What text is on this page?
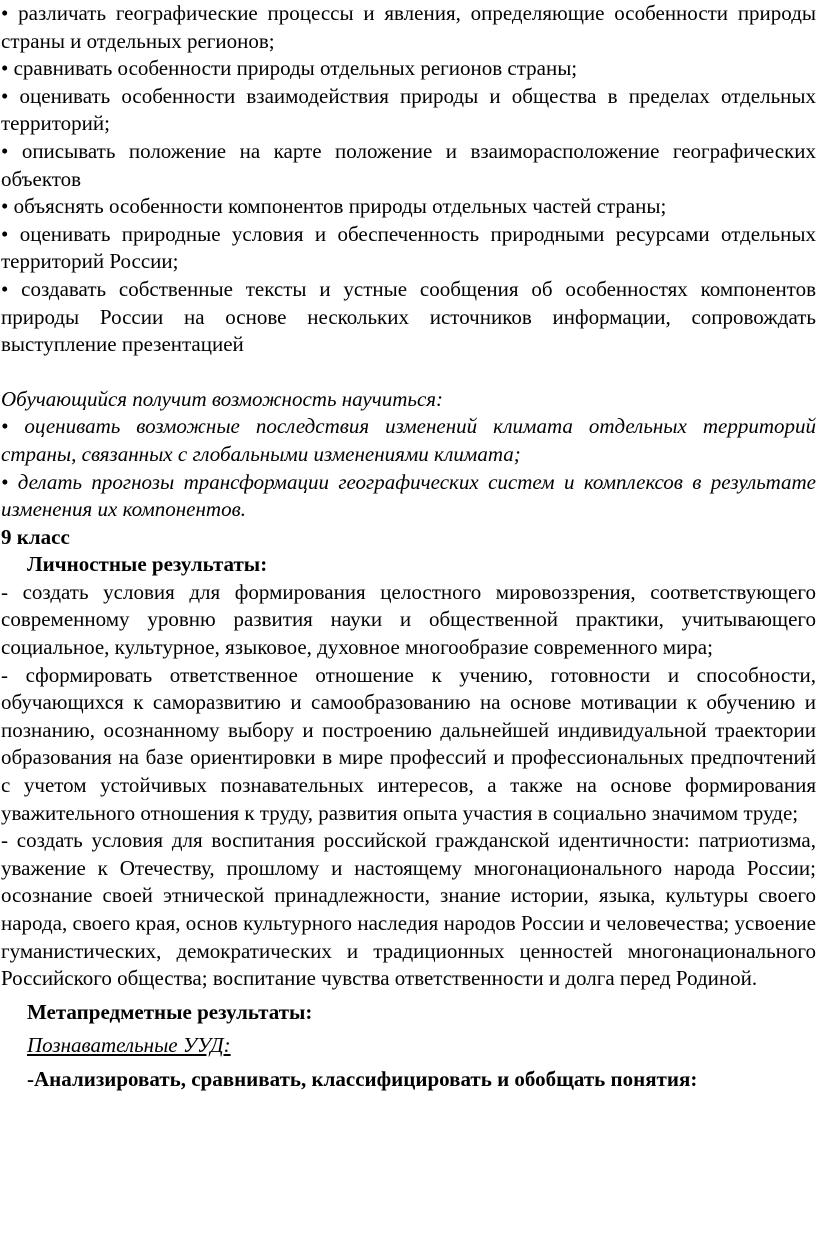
• различать географические процессы и явления, определяющие особенности природы страны и отдельных регионов;

• сравнивать особенности природы отдельных регионов страны;

• оценивать особенности взаимодействия природы и общества в пределах отдельных территорий;

• описывать положение на карте положение и взаиморасположение географических объектов

• объяснять особенности компонентов природы отдельных частей страны;

• оценивать природные условия и обеспеченность природными ресурсами отдельных территорий России;

• создавать собственные тексты и устные сообщения об особенностях компонентов природы России на основе нескольких источников информации, сопровождать выступление презентацией

Обучающийся получит возможность научиться:

• оценивать возможные последствия изменений климата отдельных территорий страны, связанных с глобальными изменениями климата;

• делать прогнозы трансформации географических систем и комплексов в результате изменения их компонентов.

9 класс

Личностные результаты:

- создать условия для формирования целостного мировоззрения, соответствующего современному уровню развития науки и общественной практики, учитывающего социальное, культурное, языковое, духовное многообразие современного мира;

- сформировать ответственное отношение к учению, готовности и способности, обучающихся к саморазвитию и самообразованию на основе мотивации к обучению и познанию, осознанному выбору и построению дальнейшей индивидуальной траектории образования на базе ориентировки в мире профессий и профессиональных предпочтений с учетом устойчивых познавательных интересов, а также на основе формирования уважительного отношения к труду, развития опыта участия в социально значимом труде;

- создать условия для воспитания российской гражданской идентичности: патриотизма, уважение к Отечеству, прошлому и настоящему многонационального народа России; осознание своей этнической принадлежности, знание истории, языка, культуры своего народа, своего края, основ культурного наследия народов России и человечества; усвоение гуманистических, демократических и традиционных ценностей многонационального Российского общества; воспитание чувства ответственности и долга перед Родиной.

Метапредметные результаты:

Познавательные УУД:

-Анализировать, сравнивать, классифицировать и обобщать понятия:
